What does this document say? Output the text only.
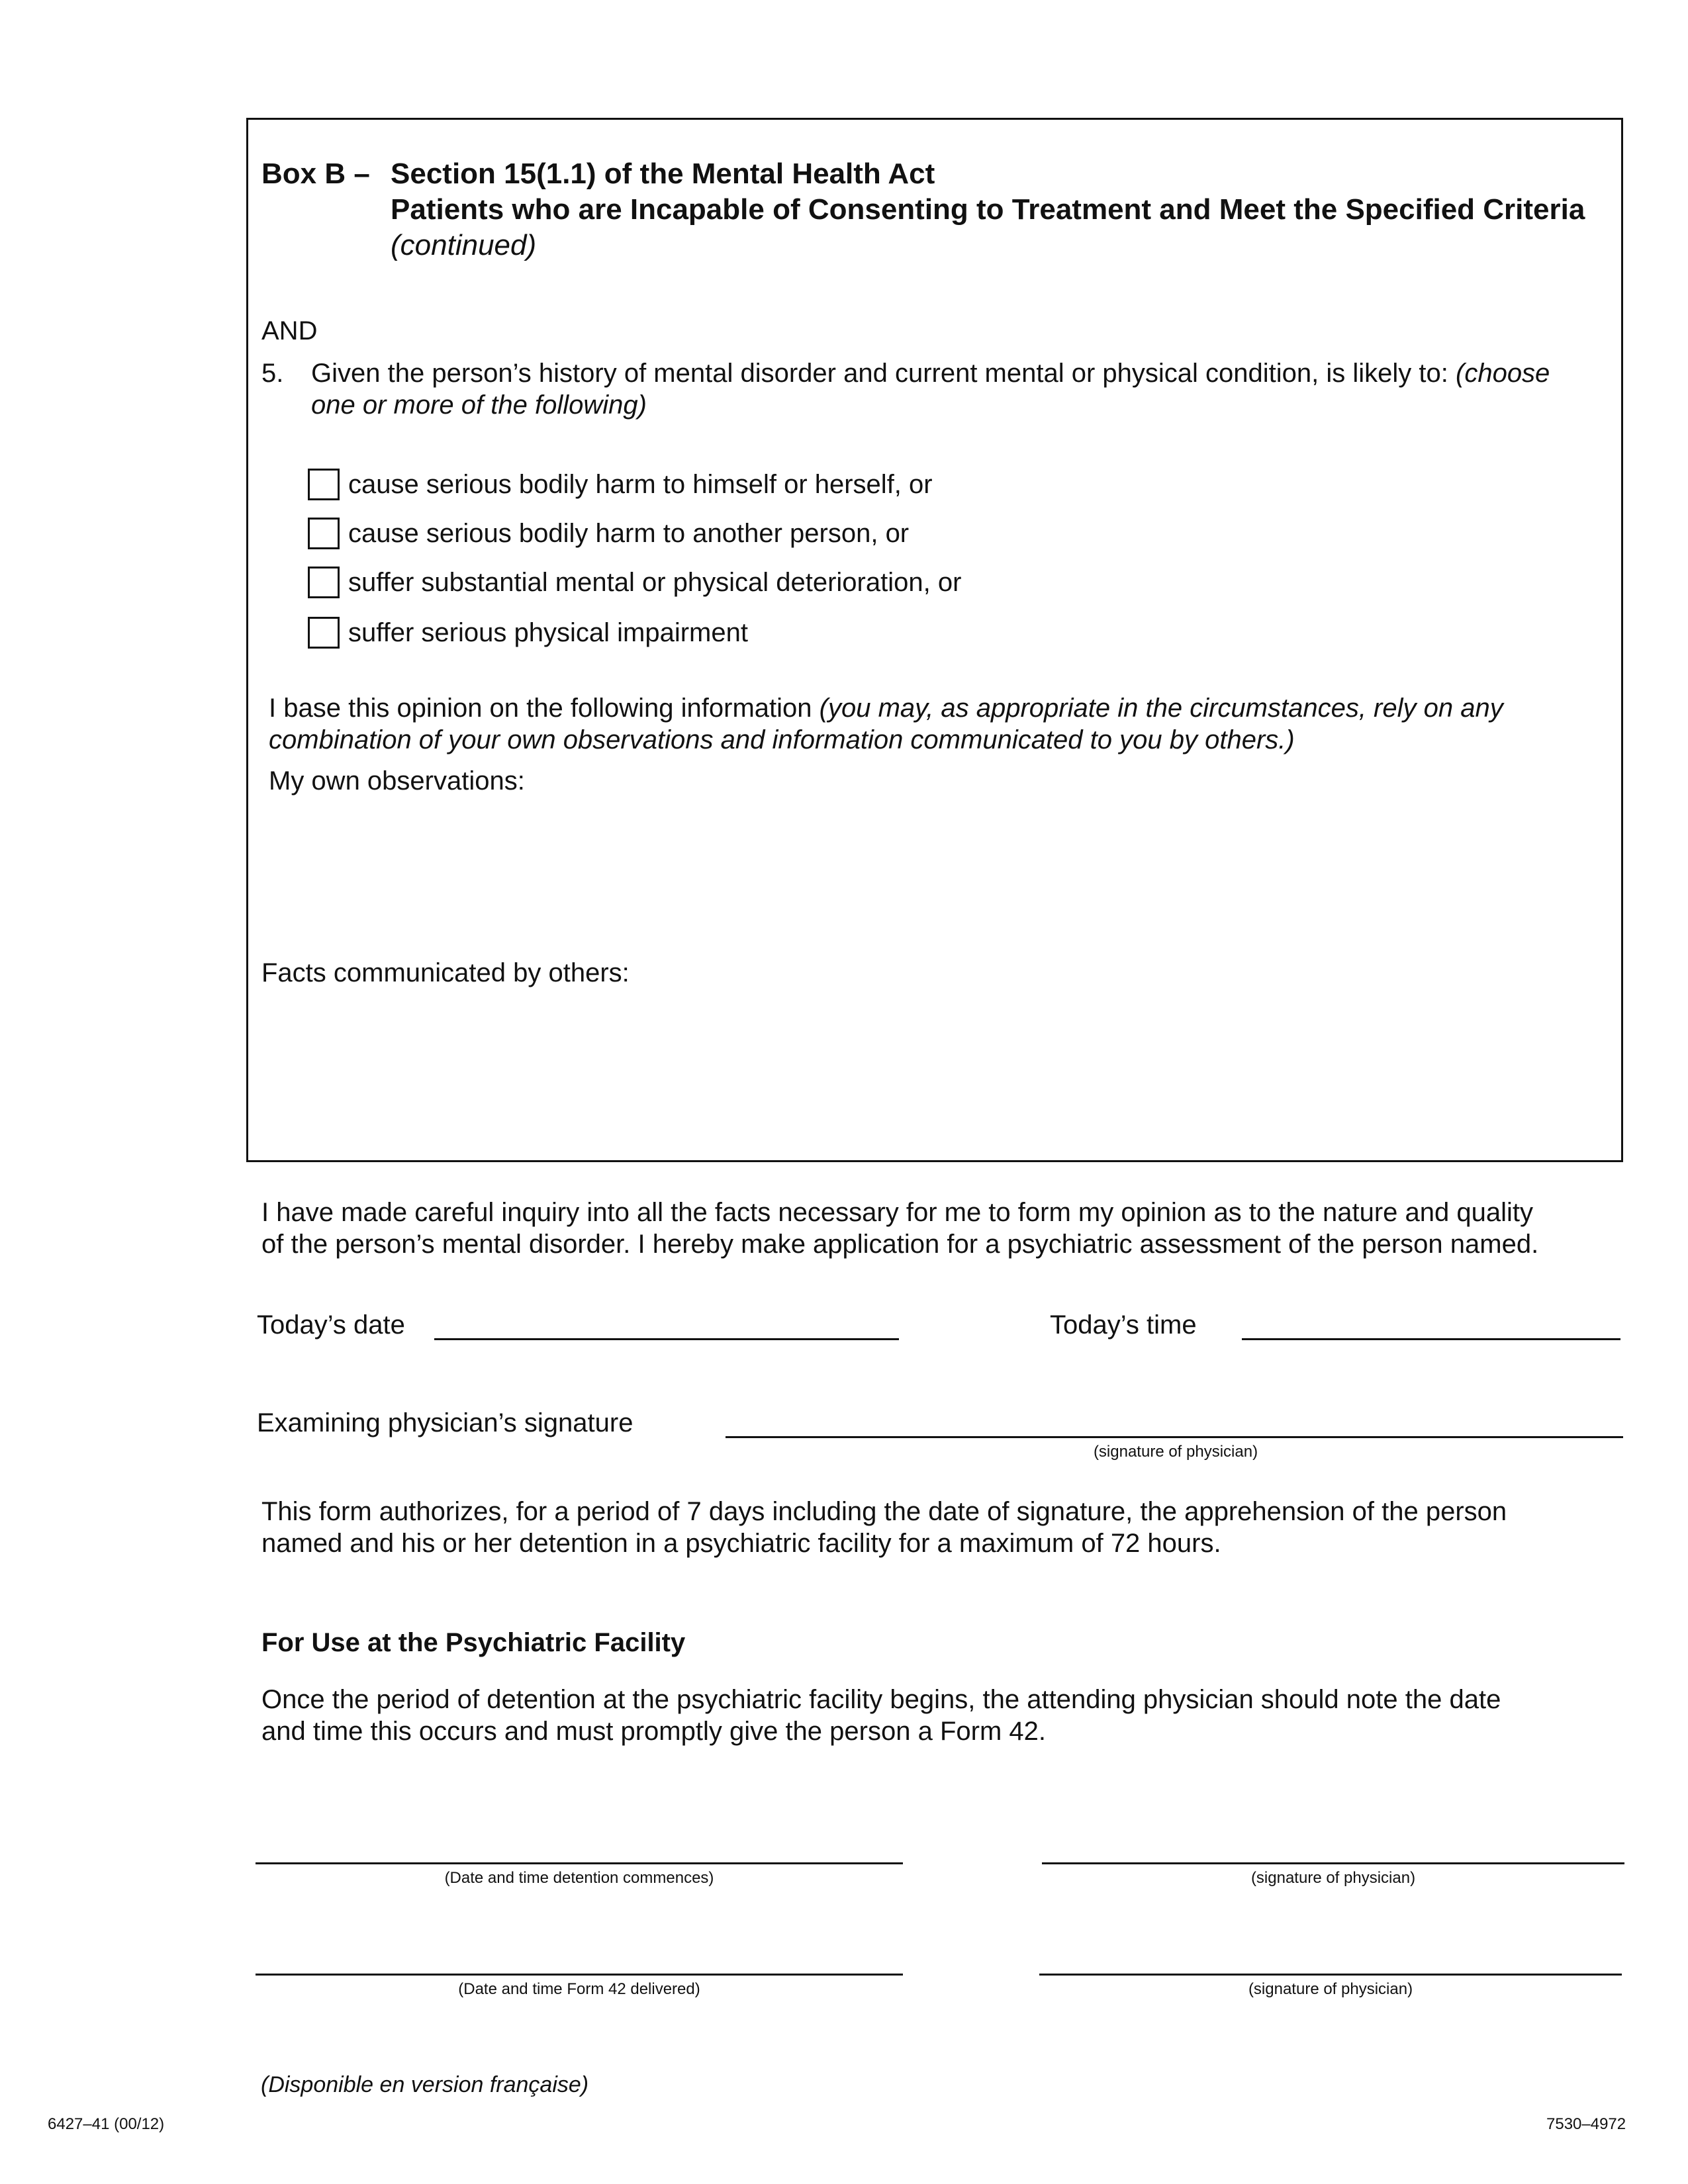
Box B – Section 15(1.1) of the Mental Health Act
Patients who are Incapable of Consenting to Treatment and Meet the Specified Criteria
(continued)
AND
5. Given the person’s history of mental disorder and current mental or physical condition, is likely to: (choose
one or more of the following)
cause serious bodily harm to himself or herself, or
cause serious bodily harm to another person, or
suffer substantial mental or physical deterioration, or
suffer serious physical impairment
I base this opinion on the following information (you may, as appropriate in the circumstances, rely on any
combination of your own observations and information communicated to you by others.)
My own observations:
Facts communicated by others:
I have made careful inquiry into all the facts necessary for me to form my opinion as to the nature and quality
of the person’s mental disorder. I hereby make application for a psychiatric assessment of the person named.
Today’s date	Today’s time
Examining physician’s signature
(signature of physician)
This form authorizes, for a period of 7 days including the date of signature, the apprehension of the person
named and his or her detention in a psychiatric facility for a maximum of 72 hours.
For Use at the Psychiatric Facility
Once the period of detention at the psychiatric facility begins, the attending physician should note the date
and time this occurs and must promptly give the person a Form 42.
(Date and time detention commences)	(signature of physician)
(Date and time Form 42 delivered)	(signature of physician)
(Disponible en version française)
6427–41 (00/12)	7530–4972
